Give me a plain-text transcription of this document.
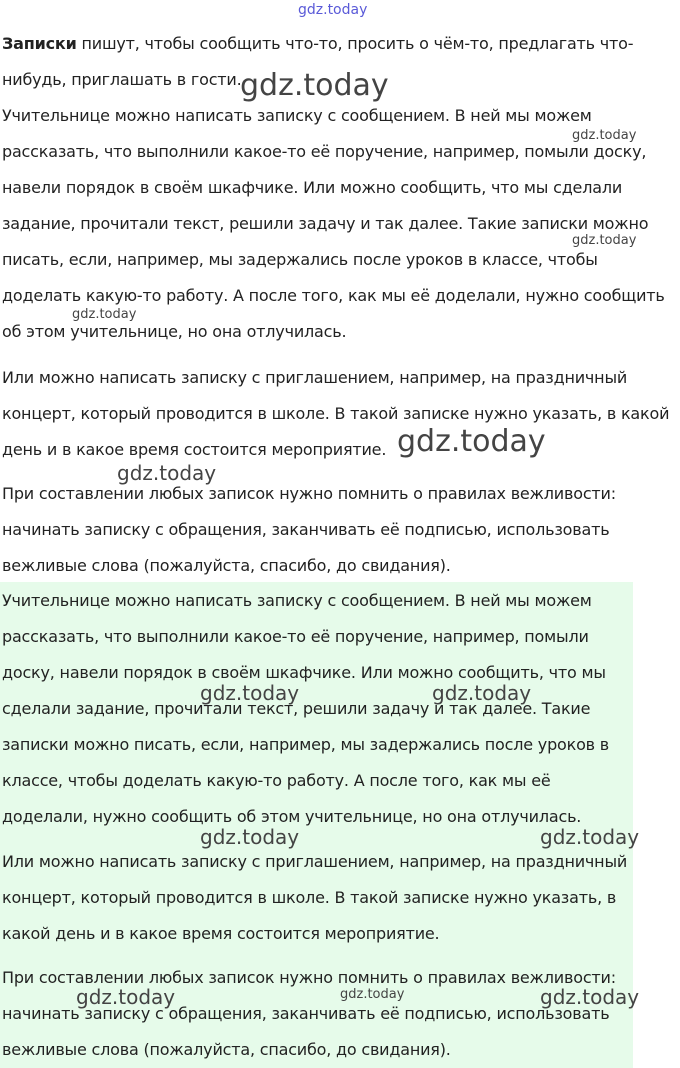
Записки пишут, чтобы сообщить что-то, просить о чём-то, предлагать что-нибудь, приглашать в гости.

Учительнице можно написать записку с сообщением. В ней мы можем рассказать, что выполнили какое-то её поручение, например, помыли доску, навели порядок в своём шкафчике. Или можно сообщить, что мы сделали задание, прочитали текст, решили задачу и так далее. Такие записки можно писать, если, например, мы задержались после уроков в классе, чтобы доделать какую-то работу. А после того, как мы её доделали, нужно сообщить об этом учительнице, но она отлучилась.

Или можно написать записку с приглашением, например, на праздничный концерт, который проводится в школе. В такой записке нужно указать, в какой день и в какое время состоится мероприятие.

При составлении любых записок нужно помнить о правилах вежливости: начинать записку с обращения, заканчивать её подписью, использовать вежливые слова (пожалуйста, спасибо, до свидания).

Учительнице можно написать записку с сообщением. В ней мы можем рассказать, что выполнили какое-то её поручение, например, помыли доску, навели порядок в своём шкафчике. Или можно сообщить, что мы сделали задание, прочитали текст, решили задачу и так далее. Такие записки можно писать, если, например, мы задержались после уроков в классе, чтобы доделать какую-то работу. А после того, как мы её доделали, нужно сообщить об этом учительнице, но она отлучилась.

Или можно написать записку с приглашением, например, на праздничный концерт, который проводится в школе. В такой записке нужно указать, в какой день и в какое время состоится мероприятие.

При составлении любых записок нужно помнить о правилах вежливости: начинать записку с обращения, заканчивать её подписью, использовать вежливые слова (пожалуйста, спасибо, до свидания).

gdz.today
gdz.today
gdz.today
gdz.today
gdz.today
gdz.today
gdz.today
gdz.today	gdz.today
gdz.today	gdz.today
gdz.today	gdz.today	gdz.today
